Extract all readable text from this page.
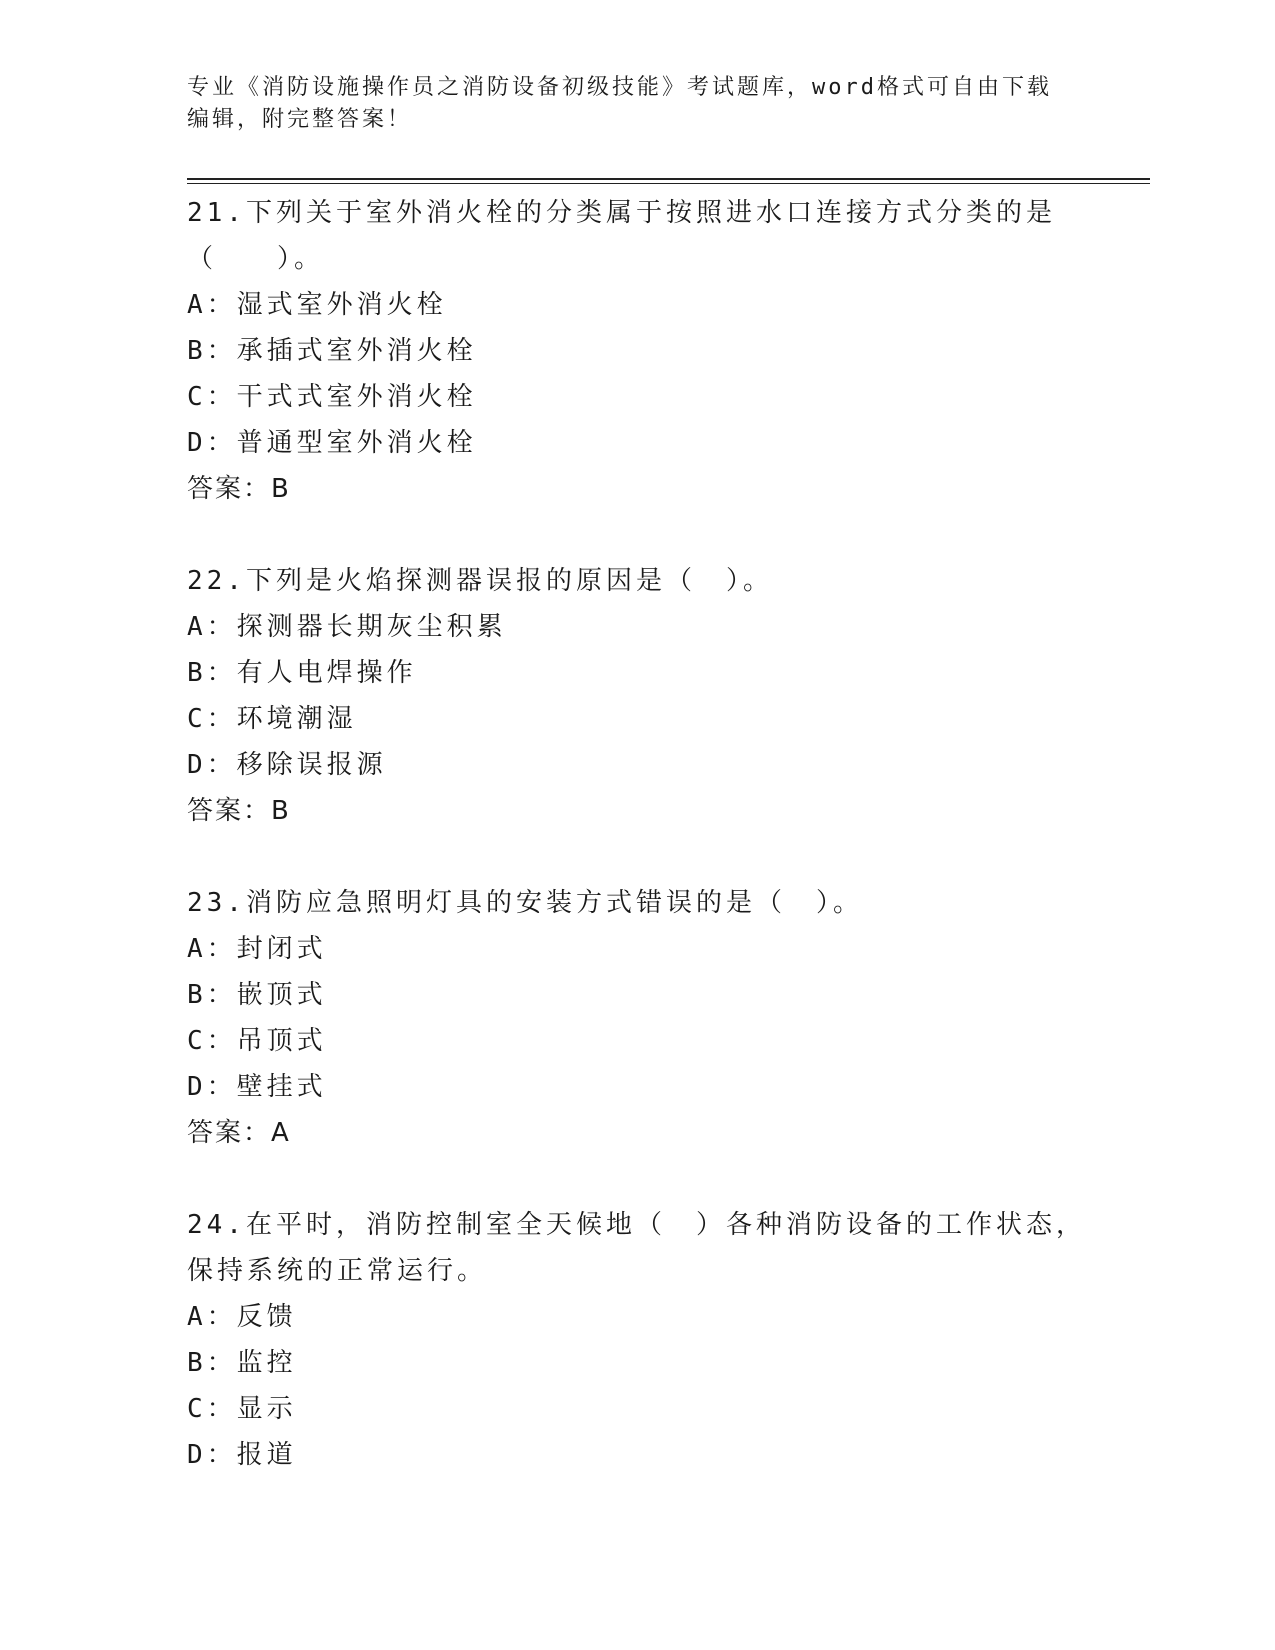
专业《消防设施操作员之消防设备初级技能》考试题库，word格式可自由下载编辑，附完整答案！

21.下列关于室外消火栓的分类属于按照进水口连接方式分类的是（　　）。

A：湿式室外消火栓

B：承插式室外消火栓

C：干式式室外消火栓

D：普通型室外消火栓

答案：B

22.下列是火焰探测器误报的原因是（　）。

A：探测器长期灰尘积累

B：有人电焊操作

C：环境潮湿

D：移除误报源

答案：B

23.消防应急照明灯具的安装方式错误的是（　）。

A：封闭式

B：嵌顶式

C：吊顶式

D：壁挂式

答案：A

24.在平时，消防控制室全天候地（　）各种消防设备的工作状态，保持系统的正常运行。

A：反馈

B：监控

C：显示

D：报道
